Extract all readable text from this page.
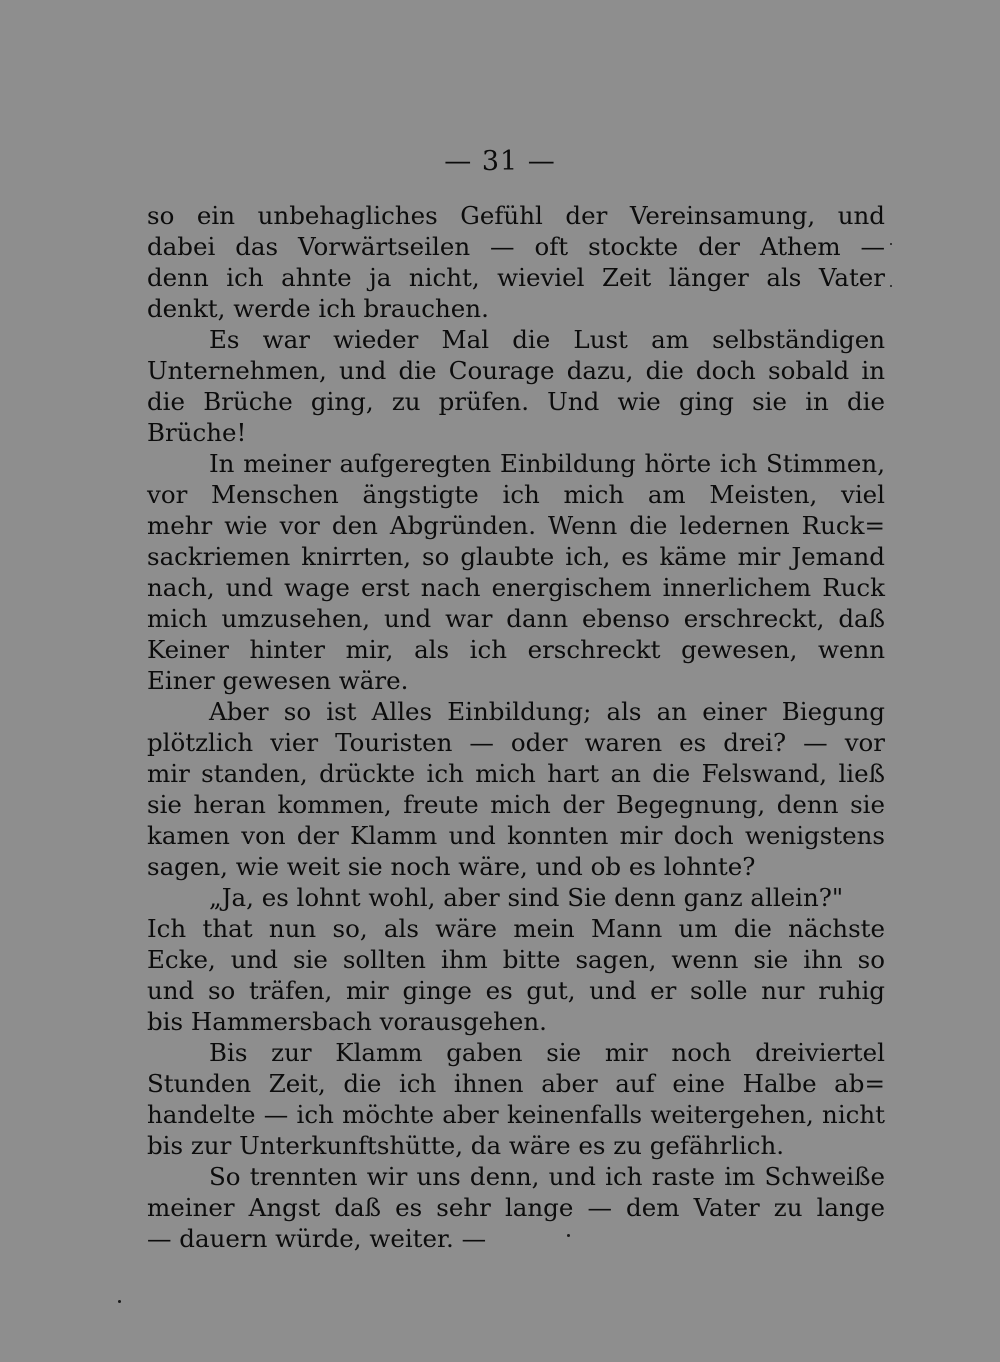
— 31 —
so ein unbehagliches Gefühl der Vereinsamung, und
dabei das Vorwärtseilen — oft stockte der Athem —
denn ich ahnte ja nicht, wieviel Zeit länger als Vater
denkt, werde ich brauchen.
Es war wieder Mal die Lust am selbständigen
Unternehmen, und die Courage dazu, die doch sobald in
die Brüche ging, zu prüfen. Und wie ging sie in die
Brüche!
In meiner aufgeregten Einbildung hörte ich Stimmen,
vor Menschen ängstigte ich mich am Meisten, viel
mehr wie vor den Abgründen. Wenn die ledernen Ruck=
sackriemen knirrten, so glaubte ich, es käme mir Jemand
nach, und wage erst nach energischem innerlichem Ruck
mich umzusehen, und war dann ebenso erschreckt, daß
Keiner hinter mir, als ich erschreckt gewesen, wenn
Einer gewesen wäre.
Aber so ist Alles Einbildung; als an einer Biegung
plötzlich vier Touristen — oder waren es drei? — vor
mir standen, drückte ich mich hart an die Felswand, ließ
sie heran kommen, freute mich der Begegnung, denn sie
kamen von der Klamm und konnten mir doch wenigstens
sagen, wie weit sie noch wäre, und ob es lohnte?
„Ja, es lohnt wohl, aber sind Sie denn ganz allein?"
Ich that nun so, als wäre mein Mann um die nächste
Ecke, und sie sollten ihm bitte sagen, wenn sie ihn so
und so träfen, mir ginge es gut, und er solle nur ruhig
bis Hammersbach vorausgehen.
Bis zur Klamm gaben sie mir noch dreiviertel
Stunden Zeit, die ich ihnen aber auf eine Halbe ab=
handelte — ich möchte aber keinenfalls weitergehen, nicht
bis zur Unterkunftshütte, da wäre es zu gefährlich.
So trennten wir uns denn, und ich raste im Schweiße
meiner Angst daß es sehr lange — dem Vater zu lange
— dauern würde, weiter. —
